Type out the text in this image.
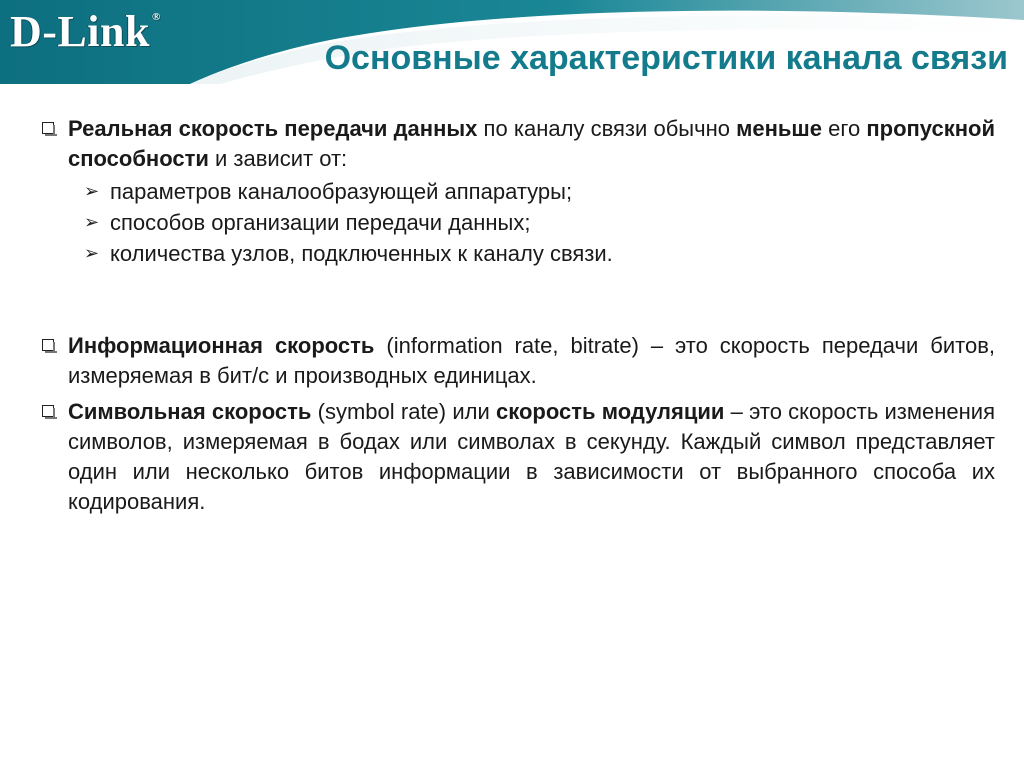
D-Link ®
Основные характеристики канала связи
Реальная скорость передачи данных по каналу связи обычно меньше его пропускной способности и зависит от:
➢ параметров каналообразующей аппаратуры;
➢ способов организации передачи данных;
➢ количества узлов, подключенных к каналу связи.
Информационная скорость (information rate, bitrate) – это скорость передачи битов, измеряемая в бит/с и производных единицах.
Символьная скорость (symbol rate) или скорость модуляции – это скорость изменения символов, измеряемая в бодах или символах в секунду. Каждый символ представляет один или несколько битов информации в зависимости от выбранного способа их кодирования.
